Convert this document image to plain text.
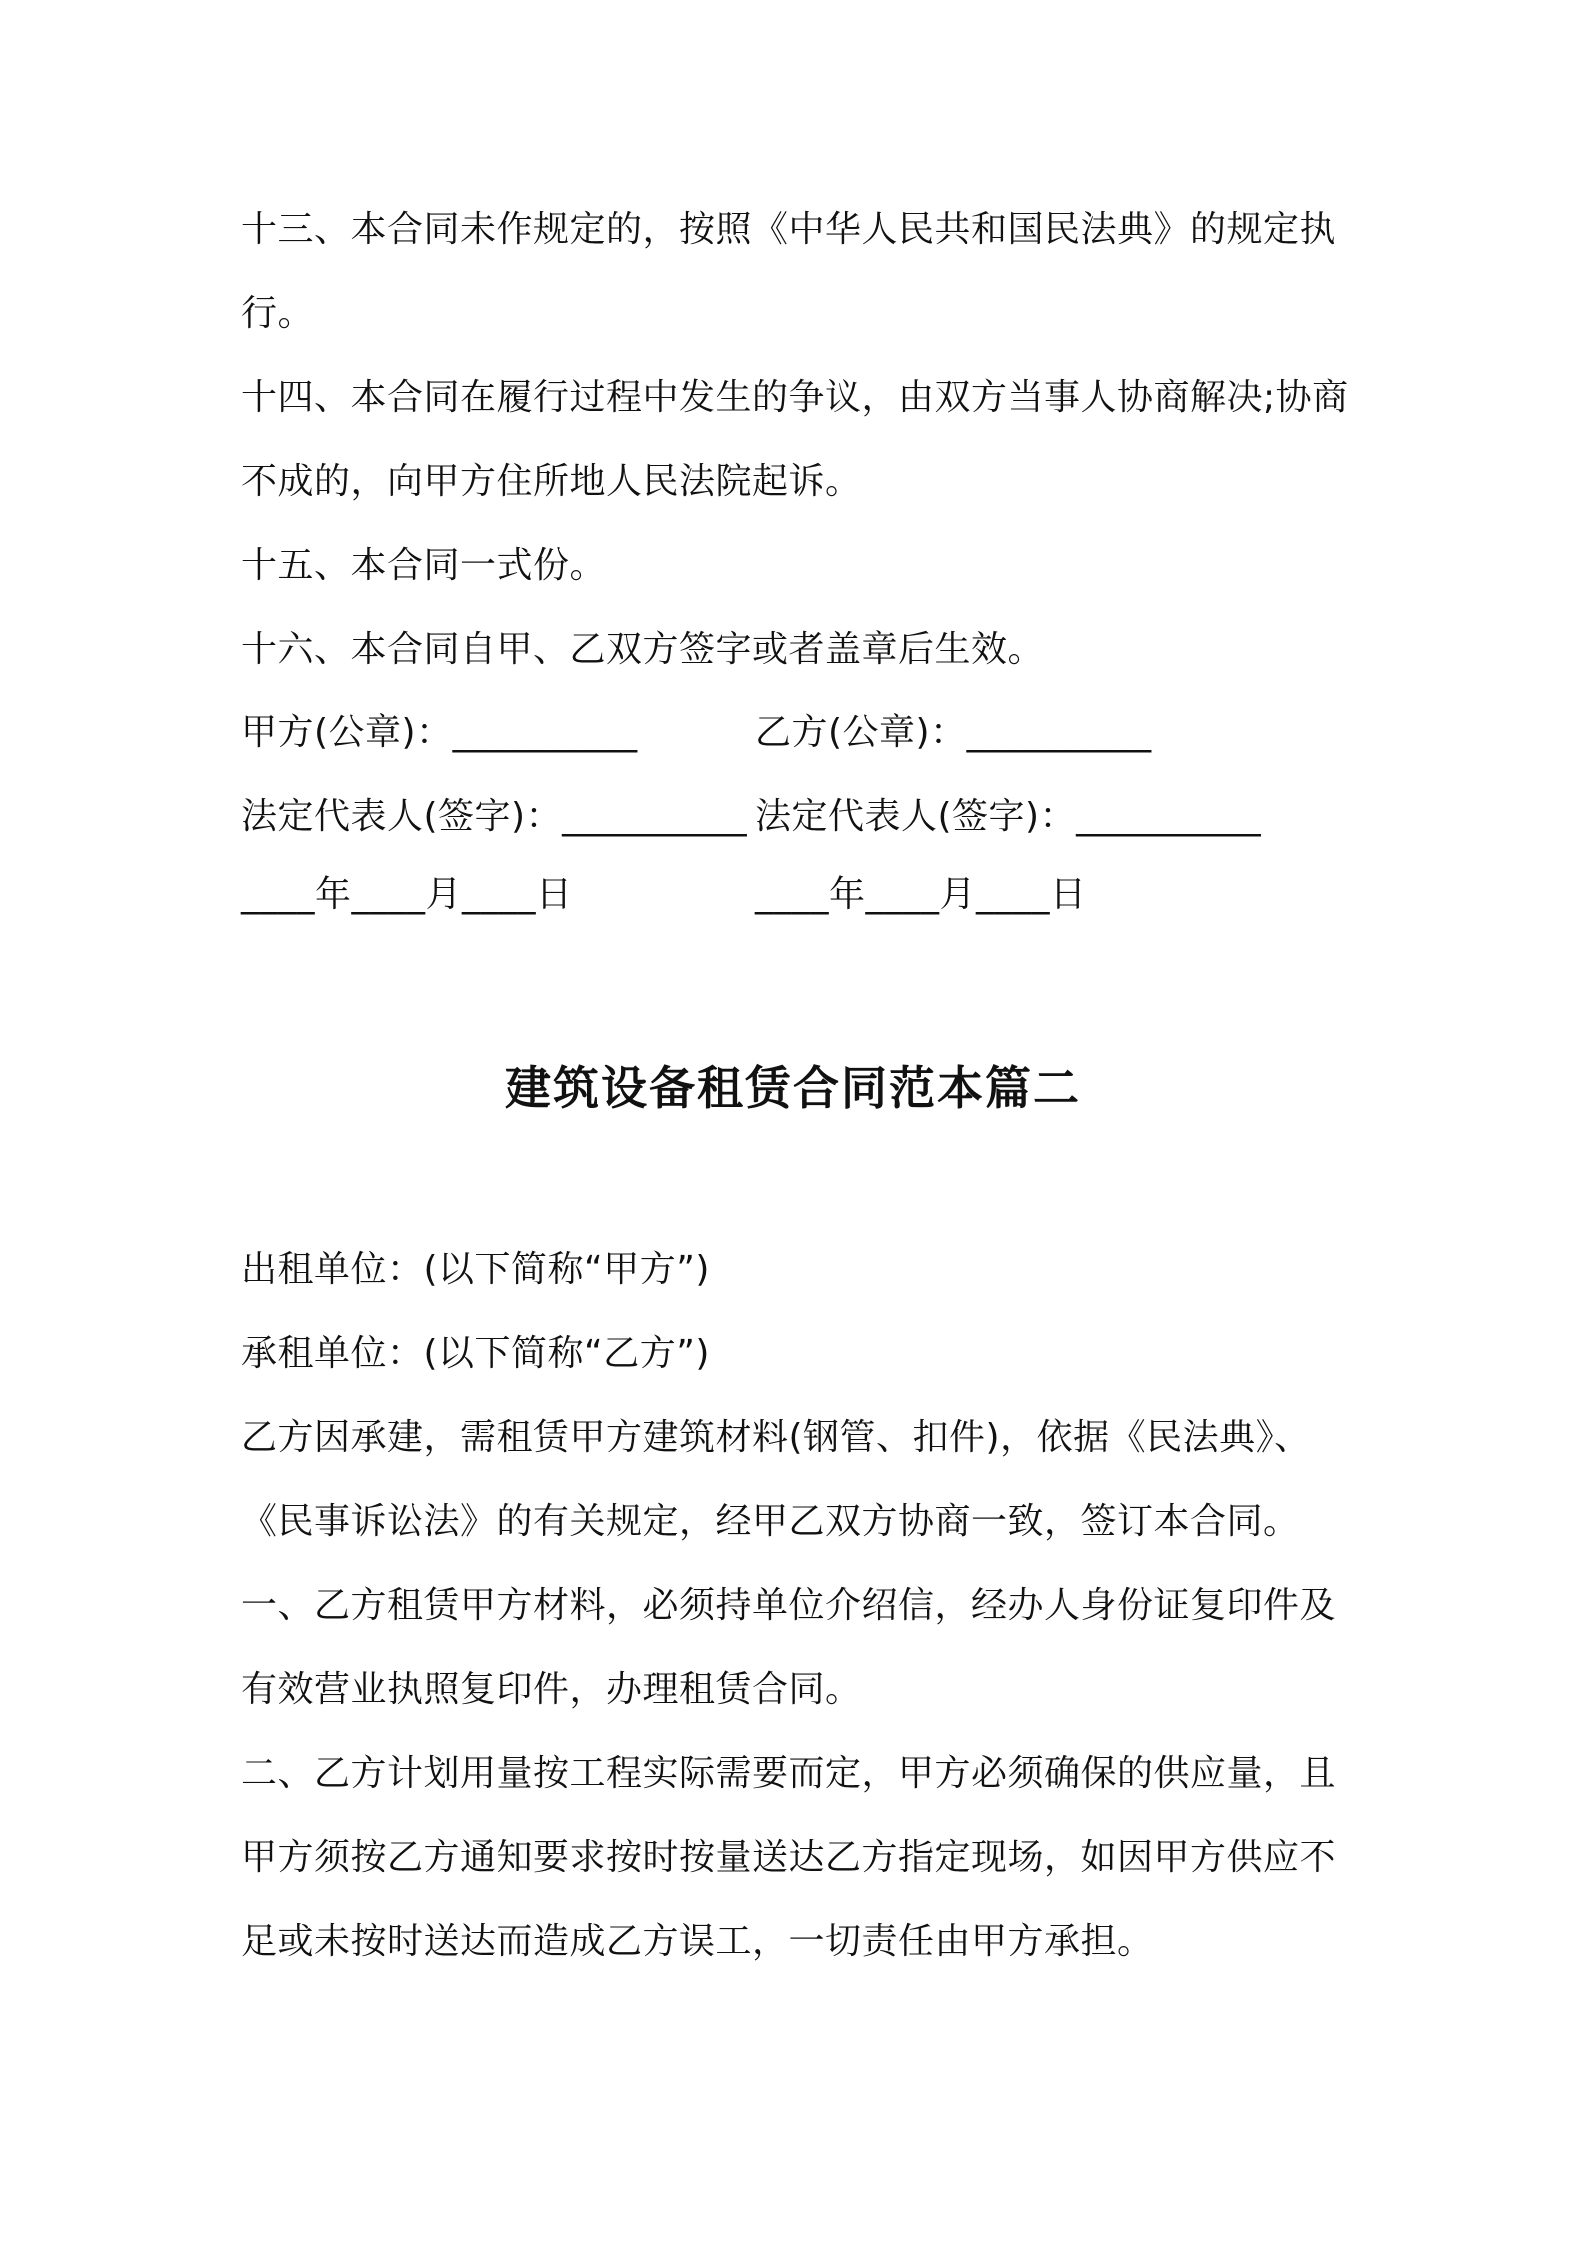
十三、本合同未作规定的，按照《中华人民共和国民法典》的规定执行。
十四、本合同在履行过程中发生的争议，由双方当事人协商解决;协商不成的，向甲方住所地人民法院起诉。
十五、本合同一式份。
十六、本合同自甲、乙双方签字或者盖章后生效。
甲方(公章)：__________	乙方(公章)：__________
法定代表人(签字)：__________ 法定代表人(签字)：__________
____年____月____日	____年____月____日
建筑设备租赁合同范本篇二
出租单位：(以下简称“甲方”)
承租单位：(以下简称“乙方”)
乙方因承建，需租赁甲方建筑材料(钢管、扣件)，依据《民法典》、《民事诉讼法》的有关规定，经甲乙双方协商一致，签订本合同。
一、乙方租赁甲方材料，必须持单位介绍信，经办人身份证复印件及有效营业执照复印件，办理租赁合同。
二、乙方计划用量按工程实际需要而定，甲方必须确保的供应量，且甲方须按乙方通知要求按时按量送达乙方指定现场，如因甲方供应不足或未按时送达而造成乙方误工，一切责任由甲方承担。
